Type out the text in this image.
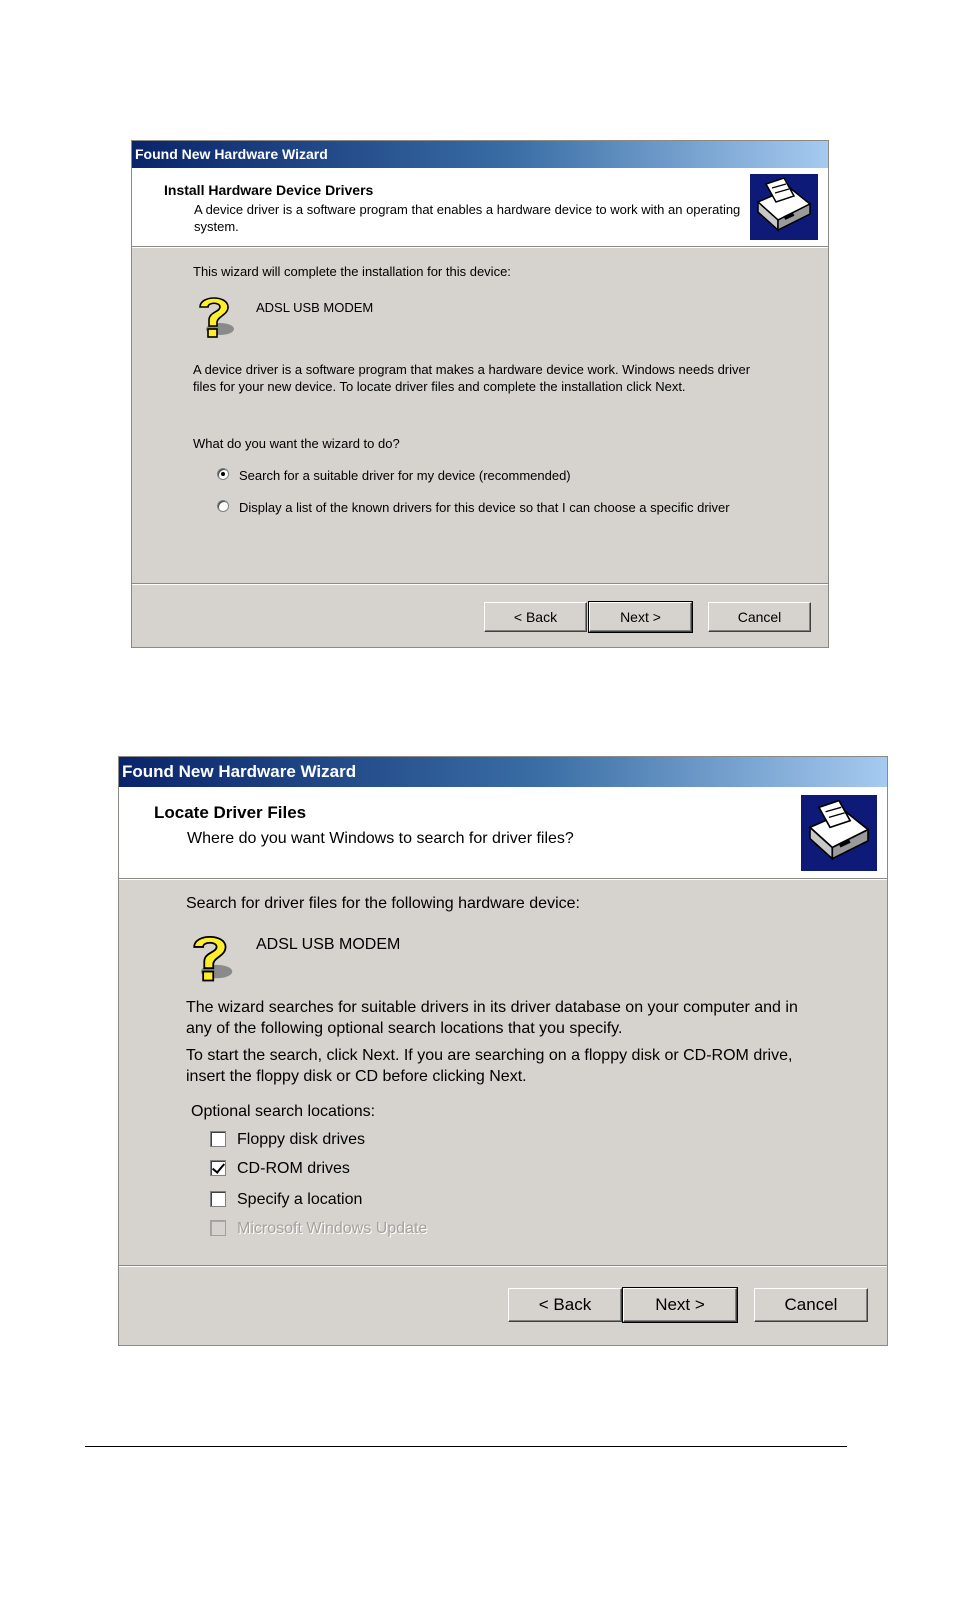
Found New Hardware Wizard
Install Hardware Device Drivers
A device driver is a software program that enables a hardware device to work with an operating system.
This wizard will complete the installation for this device:
ADSL USB MODEM
A device driver is a software program that makes a hardware device work. Windows needs driver files for your new device. To locate driver files and complete the installation click Next.
What do you want the wizard to do?
Search for a suitable driver for my device (recommended)
Display a list of the known drivers for this device so that I can choose a specific driver
< Back	Next >	Cancel
Found New Hardware Wizard
Locate Driver Files
Where do you want Windows to search for driver files?
Search for driver files for the following hardware device:
ADSL USB MODEM
The wizard searches for suitable drivers in its driver database on your computer and in any of the following optional search locations that you specify.
To start the search, click Next. If you are searching on a floppy disk or CD-ROM drive, insert the floppy disk or CD before clicking Next.
Optional search locations:
Floppy disk drives
CD-ROM drives
Specify a location
Microsoft Windows Update
< Back	Next >	Cancel
